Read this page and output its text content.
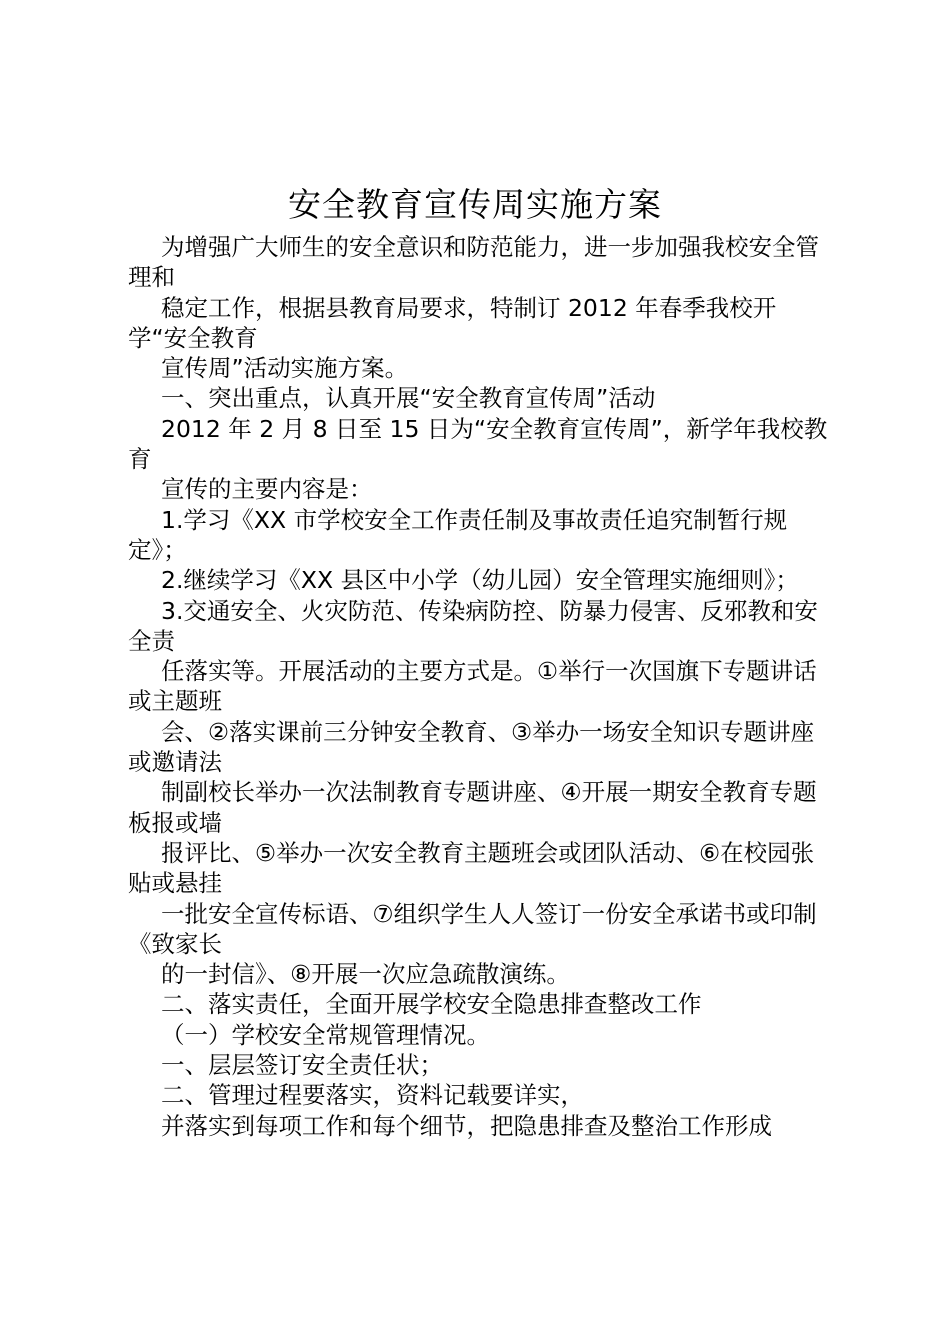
安全教育宣传周实施方案

为增强广大师生的安全意识和防范能力，进一步加强我校安全管理和

稳定工作，根据县教育局要求，特制订 2012 年春季我校开学“安全教育

宣传周”活动实施方案。

一、突出重点，认真开展“安全教育宣传周”活动

2012 年 2 月 8 日至 15 日为“安全教育宣传周”，新学年我校教育

宣传的主要内容是：

1.学习《XX 市学校安全工作责任制及事故责任追究制暂行规定》；

2.继续学习《XX 县区中小学（幼儿园）安全管理实施细则》；

3.交通安全、火灾防范、传染病防控、防暴力侵害、反邪教和安全责

任落实等。开展活动的主要方式是。①举行一次国旗下专题讲话或主题班

会、②落实课前三分钟安全教育、③举办一场安全知识专题讲座或邀请法

制副校长举办一次法制教育专题讲座、④开展一期安全教育专题板报或墙

报评比、⑤举办一次安全教育主题班会或团队活动、⑥在校园张贴或悬挂

一批安全宣传标语、⑦组织学生人人签订一份安全承诺书或印制《致家长

的一封信》、⑧开展一次应急疏散演练。

二、落实责任，全面开展学校安全隐患排查整改工作

（一）学校安全常规管理情况。

一、层层签订安全责任状；

二、管理过程要落实，资料记载要详实，

并落实到每项工作和每个细节，把隐患排查及整治工作形成
